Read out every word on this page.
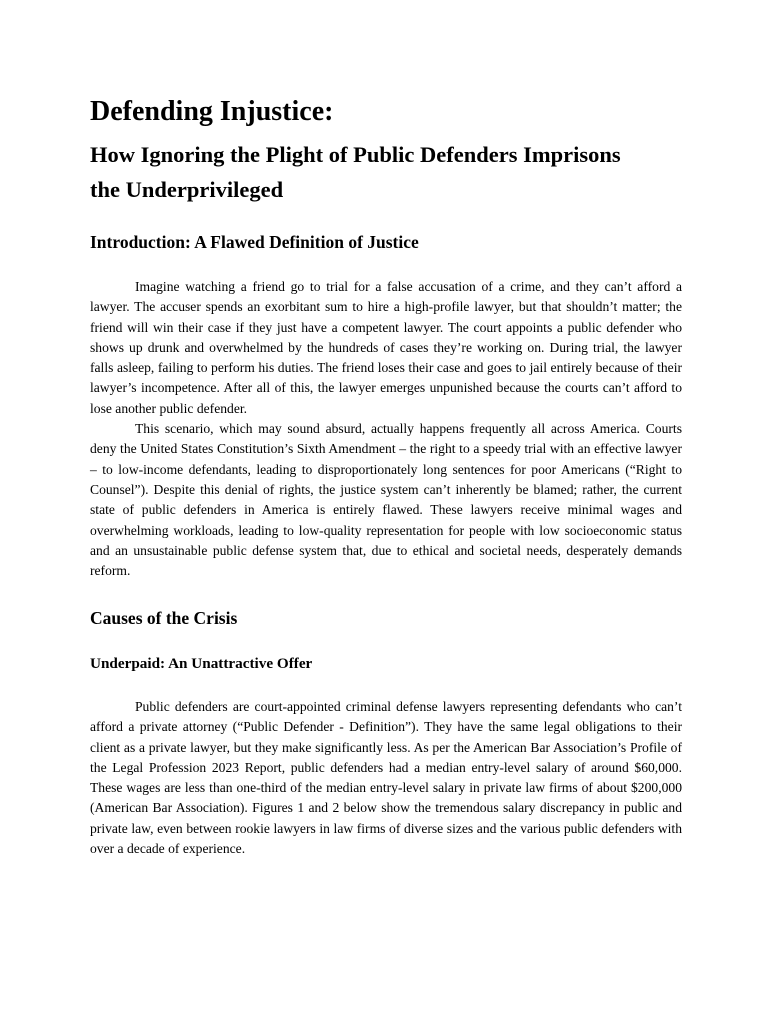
Defending Injustice:
How Ignoring the Plight of Public Defenders Imprisons the Underprivileged
Introduction: A Flawed Definition of Justice

Imagine watching a friend go to trial for a false accusation of a crime, and they can’t afford a lawyer. The accuser spends an exorbitant sum to hire a high-profile lawyer, but that shouldn’t matter; the friend will win their case if they just have a competent lawyer. The court appoints a public defender who shows up drunk and overwhelmed by the hundreds of cases they’re working on. During trial, the lawyer falls asleep, failing to perform his duties. The friend loses their case and goes to jail entirely because of their lawyer’s incompetence. After all of this, the lawyer emerges unpunished because the courts can’t afford to lose another public defender.

This scenario, which may sound absurd, actually happens frequently all across America. Courts deny the United States Constitution’s Sixth Amendment – the right to a speedy trial with an effective lawyer – to low-income defendants, leading to disproportionately long sentences for poor Americans (“Right to Counsel”). Despite this denial of rights, the justice system can’t inherently be blamed; rather, the current state of public defenders in America is entirely flawed. These lawyers receive minimal wages and overwhelming workloads, leading to low-quality representation for people with low socioeconomic status and an unsustainable public defense system that, due to ethical and societal needs, desperately demands reform.

Causes of the Crisis
Underpaid: An Unattractive Offer

Public defenders are court-appointed criminal defense lawyers representing defendants who can’t afford a private attorney (“Public Defender - Definition”). They have the same legal obligations to their client as a private lawyer, but they make significantly less. As per the American Bar Association’s Profile of the Legal Profession 2023 Report, public defenders had a median entry-level salary of around $60,000. These wages are less than one-third of the median entry-level salary in private law firms of about $200,000 (American Bar Association). Figures 1 and 2 below show the tremendous salary discrepancy in public and private law, even between rookie lawyers in law firms of diverse sizes and the various public defenders with over a decade of experience.
